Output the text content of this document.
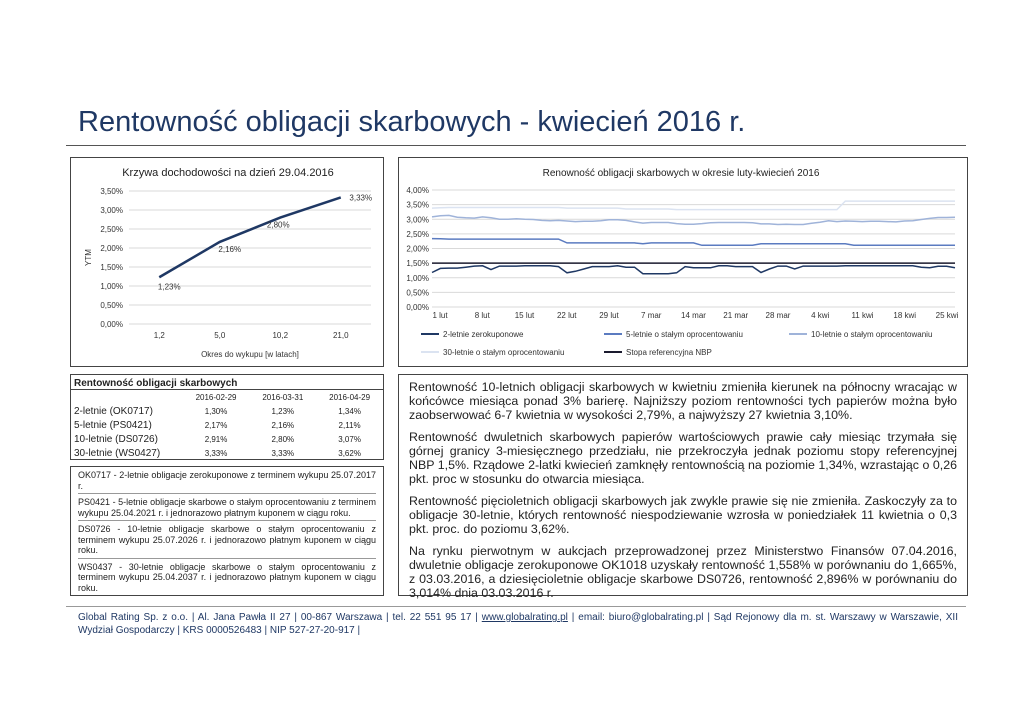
Rentowność obligacji skarbowych - kwiecień 2016 r.
Krzywa dochodowości na dzień 29.04.2016
0,00%
0,50%
1,00%
1,50%
2,00%
2,50%
3,00%
3,50%
1,2	5,0	10,2	21,0
YTM
Okres do wykupu [w latach]
1,23%
2,16%
2,80%
3,33%
Renowność obligacji skarbowych w okresie luty-kwiecień 2016
0,00%
0,50%
1,00%
1,50%
2,00%
2,50%
3,00%
3,50%
4,00%
1 lut	8 lut	15 lut	22 lut	29 lut	7 mar 14 mar 21 mar 28 mar	4 kwi	11 kwi 18 kwi 25 kwi
2-letnie zerokuponowe	5-letnie o stałym oprocentowaniu	10-letnie o stałym oprocentowaniu
30-letnie o stałym oprocentowaniu	Stopa referencyjna NBP
Rentowność obligacji skarbowych
2016-02-29	2016-03-31	2016-04-29
2-letnie (OK0717)	1,30%	1,23%	1,34%
5-letnie (PS0421)	2,17%	2,16%	2,11%
10-letnie (DS0726)	2,91%	2,80%	3,07%
30-letnie (WS0427)	3,33%	3,33%	3,62%
OK0717 - 2-letnie obligacje zerokuponowe z terminem wykupu 25.07.2017 r.
PS0421 - 5-letnie obligacje skarbowe o stałym oprocentowaniu z terminem wykupu 25.04.2021 r. i jednorazowo płatnym kuponem w ciągu roku.
DS0726 - 10-letnie obligacje skarbowe o stałym oprocentowaniu z terminem wykupu 25.07.2026 r. i jednorazowo płatnym kuponem w ciągu roku.
WS0437 - 30-letnie obligacje skarbowe o stałym oprocentowaniu z terminem wykupu 25.04.2037 r. i jednorazowo płatnym kuponem w ciągu roku.

Rentowność 10-letnich obligacji skarbowych w kwietniu zmieniła kierunek na północny wracając w końcówce miesiąca ponad 3% barierę. Najniższy poziom rentowności tych papierów można było zaobserwować 6-7 kwietnia w wysokości 2,79%, a najwyższy 27 kwietnia 3,10%.

Rentowność dwuletnich skarbowych papierów wartościowych prawie cały miesiąc trzymała się górnej granicy 3-miesięcznego przedziału, nie przekroczyła jednak poziomu stopy referencyjnej NBP 1,5%. Rządowe 2-latki kwiecień zamknęły rentownością na poziomie 1,34%, wzrastając o 0,26 pkt. proc w stosunku do otwarcia miesiąca.

Rentowność pięcioletnich obligacji skarbowych jak zwykle prawie się nie zmieniła. Zaskoczyły za to obligacje 30-letnie, których rentowność niespodziewanie wzrosła w poniedziałek 11 kwietnia o 0,3 pkt. proc. do poziomu 3,62%.

Na rynku pierwotnym w aukcjach przeprowadzonej przez Ministerstwo Finansów 07.04.2016, dwuletnie obligacje zerokuponowe OK1018 uzyskały rentowność 1,558% w porównaniu do 1,665%, z 03.03.2016, a dziesięcioletnie obligacje skarbowe DS0726, rentowność 2,896% w porównaniu do 3,014% dnia 03.03.2016 r.

Global Rating Sp. z o.o. | Al. Jana Pawła II 27 | 00-867 Warszawa | tel. 22 551 95 17 | www.globalrating.pl | email: biuro@globalrating.pl | Sąd Rejonowy dla m. st. Warszawy w Warszawie, XII Wydział Gospodarczy | KRS 0000526483 | NIP 527-27-20-917 |
